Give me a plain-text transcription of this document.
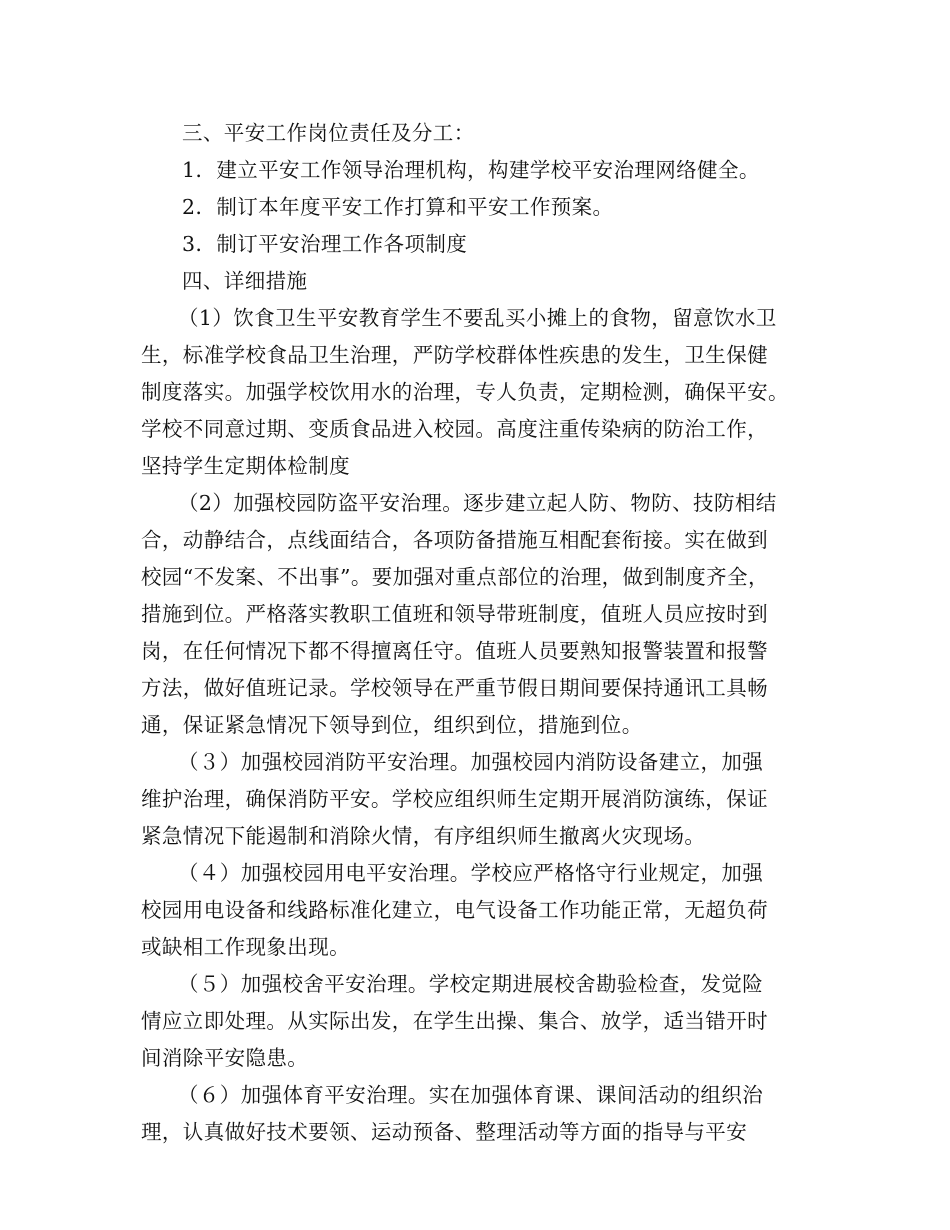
三、平安工作岗位责任及分工：
1．建立平安工作领导治理机构，构建学校平安治理网络健全。
2．制订本年度平安工作打算和平安工作预案。
3．制订平安治理工作各项制度
四、详细措施
（1）饮食卫生平安教育学生不要乱买小摊上的食物，留意饮水卫
生，标准学校食品卫生治理，严防学校群体性疾患的发生，卫生保健
制度落实。加强学校饮用水的治理，专人负责，定期检测，确保平安。
学校不同意过期、变质食品进入校园。高度注重传染病的防治工作，
坚持学生定期体检制度
（2）加强校园防盗平安治理。逐步建立起人防、物防、技防相结
合，动静结合，点线面结合，各项防备措施互相配套衔接。实在做到
校园“不发案、不出事”。要加强对重点部位的治理，做到制度齐全，
措施到位。严格落实教职工值班和领导带班制度，值班人员应按时到
岗，在任何情况下都不得擅离任守。值班人员要熟知报警装置和报警
方法，做好值班记录。学校领导在严重节假日期间要保持通讯工具畅
通，保证紧急情况下领导到位，组织到位，措施到位。
（３）加强校园消防平安治理。加强校园内消防设备建立，加强
维护治理，确保消防平安。学校应组织师生定期开展消防演练，保证
紧急情况下能遏制和消除火情，有序组织师生撤离火灾现场。
（４）加强校园用电平安治理。学校应严格恪守行业规定，加强
校园用电设备和线路标准化建立，电气设备工作功能正常，无超负荷
或缺相工作现象出现。
（５）加强校舍平安治理。学校定期进展校舍勘验检查，发觉险
情应立即处理。从实际出发，在学生出操、集合、放学，适当错开时
间消除平安隐患。
（６）加强体育平安治理。实在加强体育课、课间活动的组织治
理，认真做好技术要领、运动预备、整理活动等方面的指导与平安
